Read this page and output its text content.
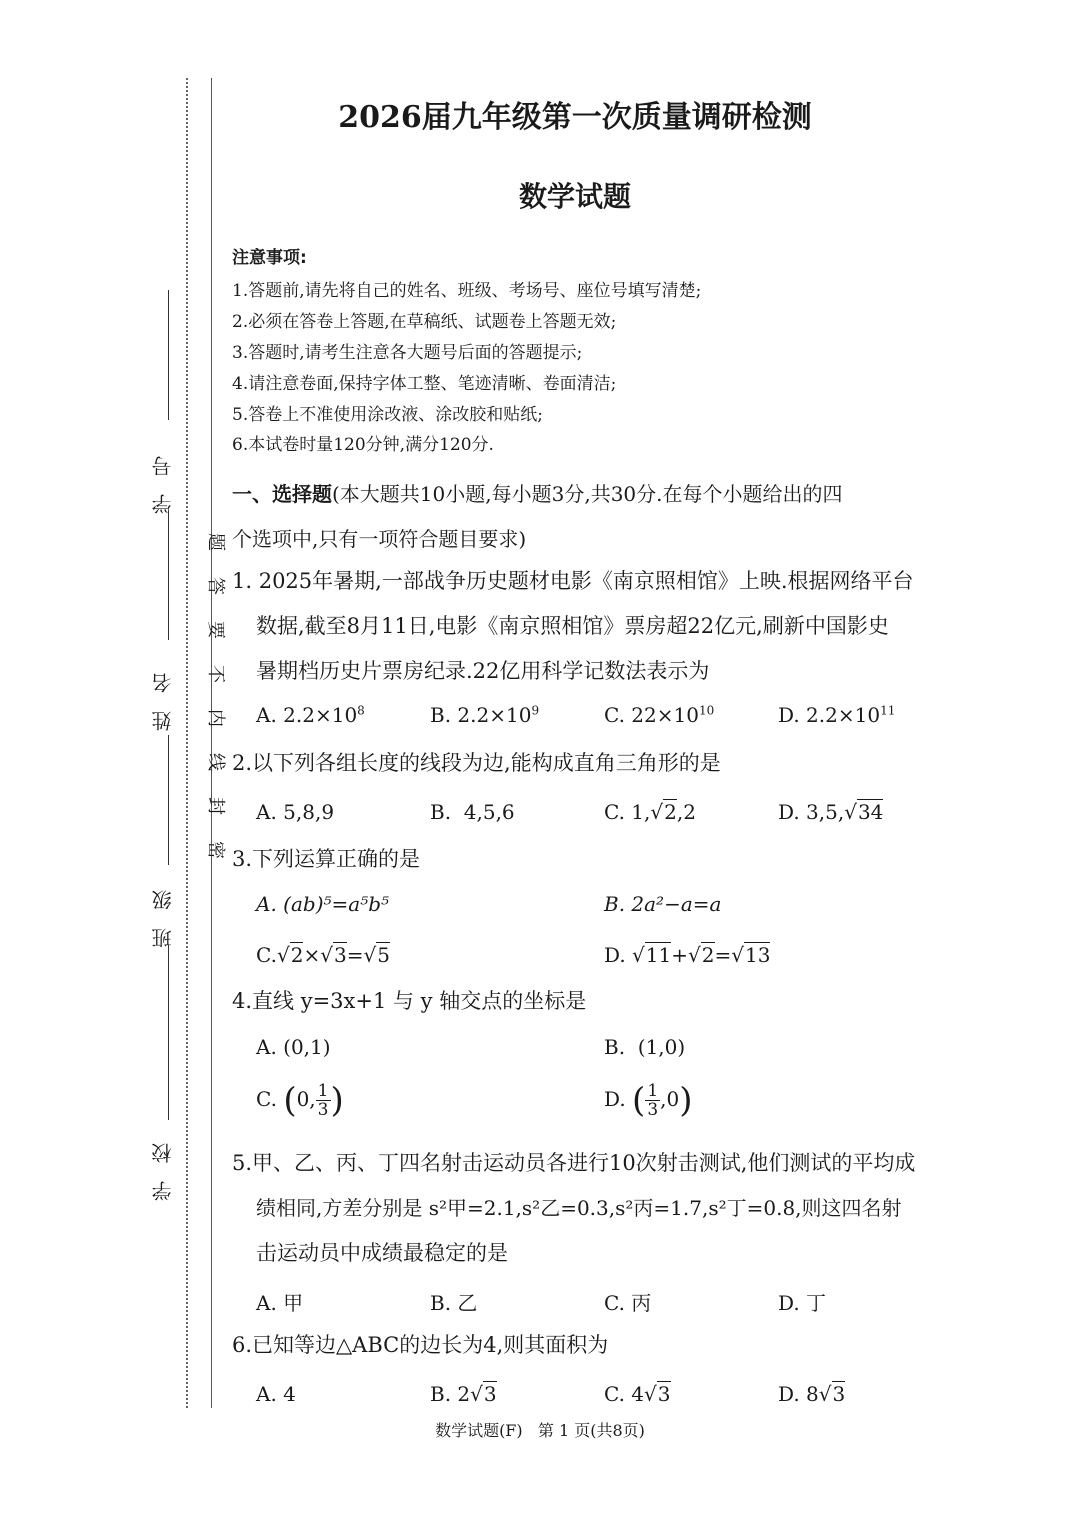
学号
姓名
班级
学校
题
答
要
不
内
线
封
密
2026届九年级第一次质量调研检测
数学试题
注意事项:
1.答题前,请先将自己的姓名、班级、考场号、座位号填写清楚;
2.必须在答卷上答题,在草稿纸、试题卷上答题无效;
3.答题时,请考生注意各大题号后面的答题提示;
4.请注意卷面,保持字体工整、笔迹清晰、卷面清洁;
5.答卷上不准使用涂改液、涂改胶和贴纸;
6.本试卷时量120分钟,满分120分.
一、选择题(本大题共10小题,每小题3分,共30分.在每个小题给出的四
个选项中,只有一项符合题目要求)
1. 2025年暑期,一部战争历史题材电影《南京照相馆》上映.根据网络平台
数据,截至8月11日,电影《南京照相馆》票房超22亿元,刷新中国影史
暑期档历史片票房纪录.22亿用科学记数法表示为
A. $2.2\times 10^8$	B. $2.2\times 10^9$	C. $22\times 10^{10}$	D. $2.2\times 10^{11}$
2.以下列各组长度的线段为边,能构成直角三角形的是
A. 5,8,9	B.  4,5,6	C. 1,√2,2	D. 3,5,√34
3.下列运算正确的是
A. (ab)⁵=a⁵b⁵	B. 2a²−a=a
C.√2×√3=√5	D. √11+√2=√13
4.直线 y=3x+1 与 y 轴交点的坐标是
A. (0,1)	B.  (1,0)
C. (0, $\frac{1}{3}$ )	D. ( $\frac{1}{3} ,0$)
5.甲、乙、丙、丁四名射击运动员各进行10次射击测试,他们测试的平均成
绩相同,方差分别是 s²甲=2.1,s²乙=0.3,s²丙=1.7,s²丁=0.8,则这四名射
击运动员中成绩最稳定的是
A. 甲	B. 乙	C. 丙	D. 丁
6.已知等边△ABC的边长为4,则其面积为
A. 4	B. 2√3	C. 4√3	D. 8√3
数学试题(F)   第 1 页(共8页)
